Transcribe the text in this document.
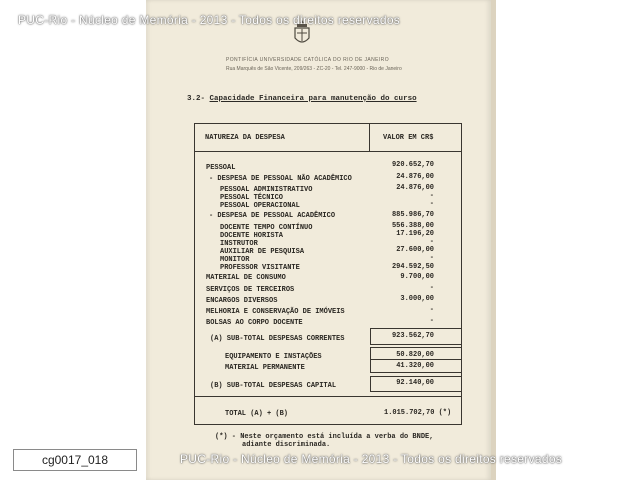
PONTIFÍCIA UNIVERSIDADE CATÓLICA DO RIO DE JANEIRO
Rua Marquês de São Vicente, 209/263 - ZC-20 - Tel. 247-9000 - Rio de Janeiro
3.2- Capacidade Financeira para manutenção do curso
NATUREZA DA DESPESA	VALOR EM CR$
PESSOAL	920.652,70
- DESPESA DE PESSOAL NÃO ACADÊMICO	24.876,00
PESSOAL ADMINISTRATIVO	24.876,00
PESSOAL TÉCNICO	-
PESSOAL OPERACIONAL	-
- DESPESA DE PESSOAL ACADÊMICO	885.986,70
DOCENTE TEMPO CONTÍNUO	556.388,00
DOCENTE HORISTA	17.196,20
INSTRUTOR	-
AUXILIAR DE PESQUISA	27.600,00
MONITOR	-
PROFESSOR VISITANTE	294.592,50
MATERIAL DE CONSUMO	9.700,00
SERVIÇOS DE TERCEIROS	-
ENCARGOS DIVERSOS	3.000,00
MELHORIA E CONSERVAÇÃO DE IMÓVEIS	-
BOLSAS AO CORPO DOCENTE	-
(A) SUB-TOTAL DESPESAS CORRENTES	923.562,70
EQUIPAMENTO E INSTAÇÕES	50.820,00
MATERIAL PERMANENTE	41.320,00
(B) SUB-TOTAL DESPESAS CAPITAL	92.140,00
TOTAL (A) + (B)	1.015.702,70 (*)
(*) - Neste orçamento está incluída a verba do BNDE,
adiante discriminada.
PUC-Rio - Núcleo de Memória - 2013 - Todos os direitos reservados
PUC-Rio - Núcleo de Memória - 2013 - Todos os direitos reservados
cg0017_018
